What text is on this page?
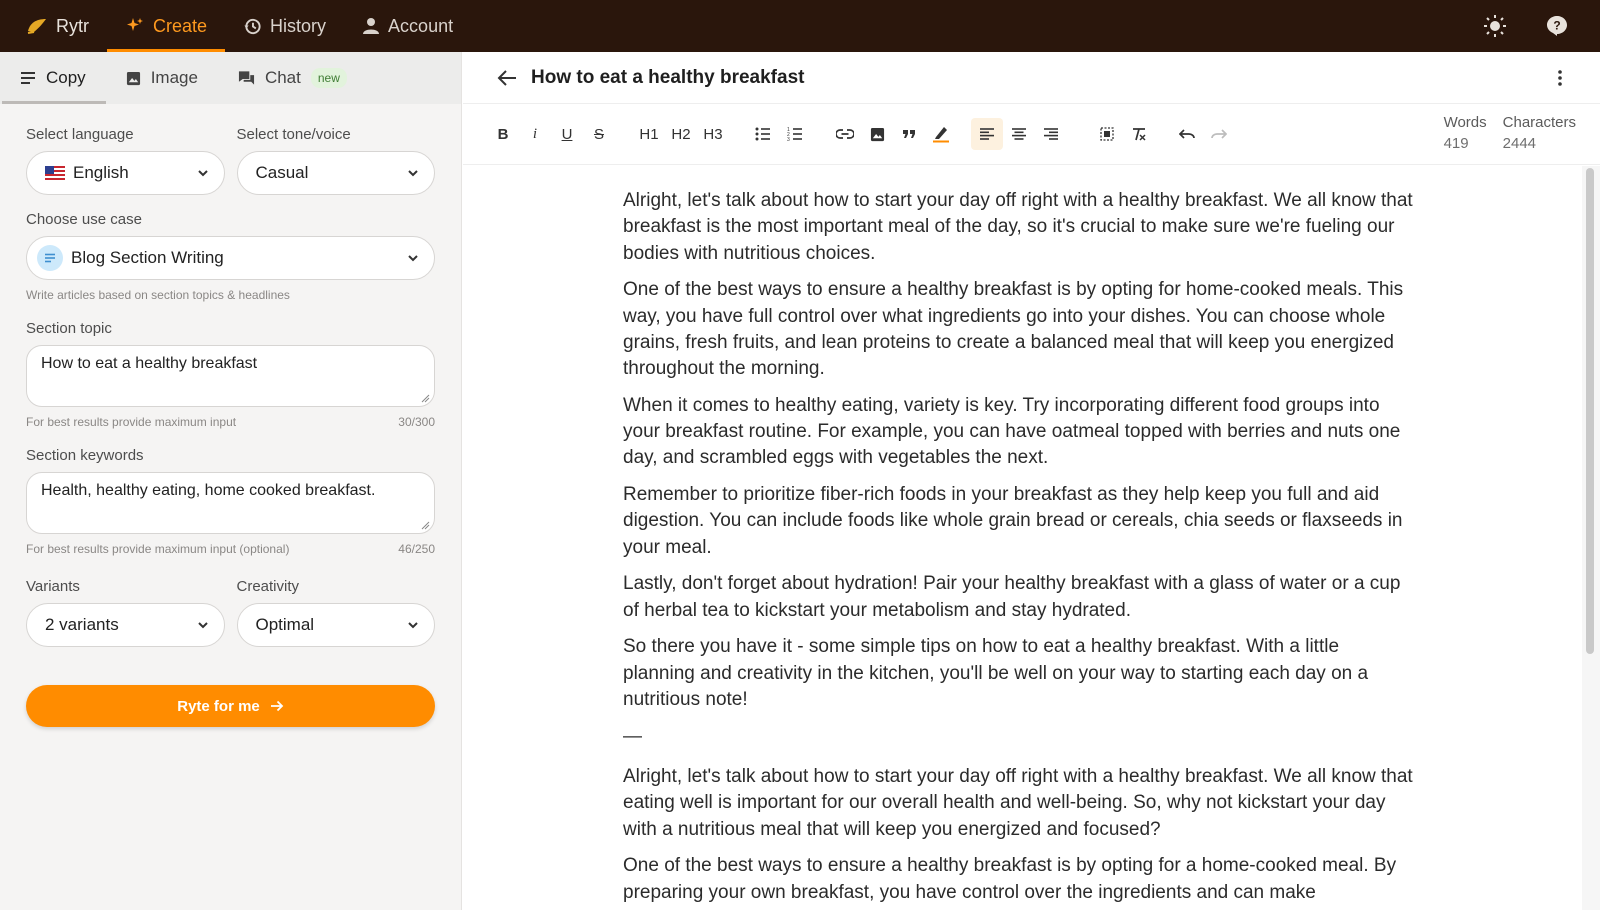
Rytr	Create	History	Account	?
Copy	Image	Chat	new
Select language
English
Select tone/voice
Casual
Choose use case
Blog Section Writing
Write articles based on section topics & headlines
Section topic
How to eat a healthy breakfast
For best results provide maximum input	30/300
Section keywords
Health, healthy eating, home cooked breakfast.
For best results provide maximum input (optional)	46/250
Variants
2 variants
Creativity
Optimal
Ryte for me
How to eat a healthy breakfast
B i U S	H1 H2 H3	1
2
3
Words
419
Characters
2444

Alright, let's talk about how to start your day off right with a healthy breakfast. We all know that breakfast is the most important meal of the day, so it's crucial to make sure we're fueling our bodies with nutritious choices.

One of the best ways to ensure a healthy breakfast is by opting for home-cooked meals. This way, you have full control over what ingredients go into your dishes. You can choose whole grains, fresh fruits, and lean proteins to create a balanced meal that will keep you energized throughout the morning.

When it comes to healthy eating, variety is key. Try incorporating different food groups into your breakfast routine. For example, you can have oatmeal topped with berries and nuts one day, and scrambled eggs with vegetables the next.

Remember to prioritize fiber-rich foods in your breakfast as they help keep you full and aid digestion. You can include foods like whole grain bread or cereals, chia seeds or flaxseeds in your meal.

Lastly, don't forget about hydration! Pair your healthy breakfast with a glass of water or a cup of herbal tea to kickstart your metabolism and stay hydrated.

So there you have it - some simple tips on how to eat a healthy breakfast. With a little planning and creativity in the kitchen, you'll be well on your way to starting each day on a nutritious note!

—

Alright, let's talk about how to start your day off right with a healthy breakfast. We all know that eating well is important for our overall health and well-being. So, why not kickstart your day with a nutritious meal that will keep you energized and focused?

One of the best ways to ensure a healthy breakfast is by opting for a home-cooked meal. By preparing your own breakfast, you have control over the ingredients and can make
